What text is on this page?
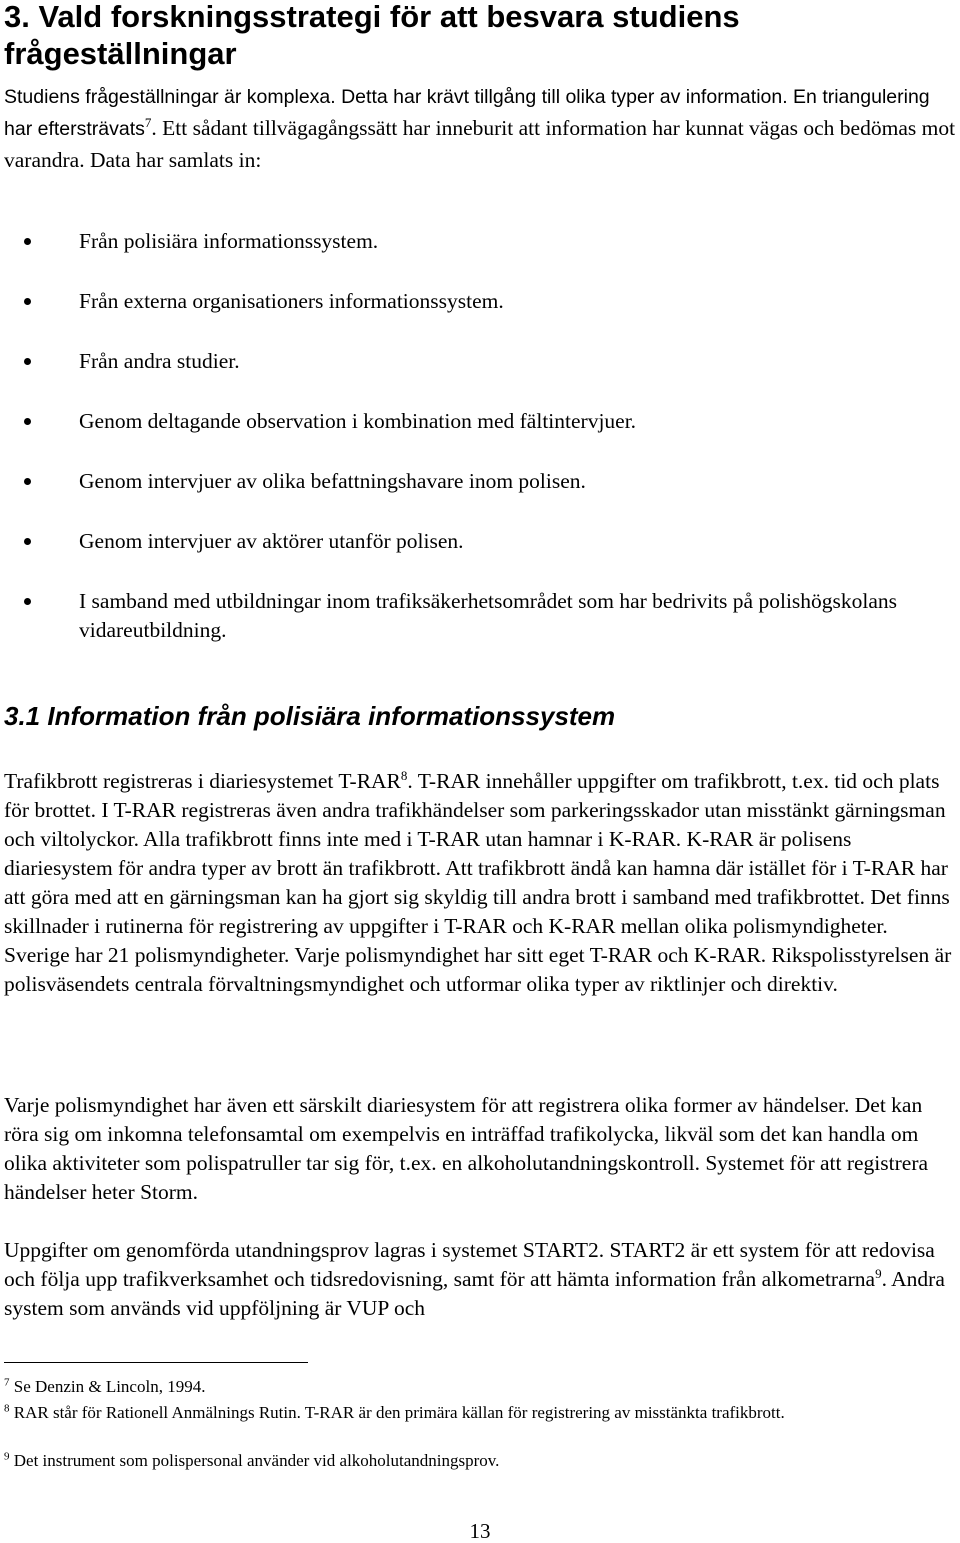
3. Vald forskningsstrategi för att besvara studiens frågeställningar
Studiens frågeställningar är komplexa. Detta har krävt tillgång till olika typer av information. En triangulering har eftersträvats$^7$. Ett sådant tillvägagångssätt har inneburit att information har kunnat vägas och bedömas mot varandra. Data har samlats in:
Från polisiära informationssystem.
Från externa organisationers informationssystem.
Från andra studier.
Genom deltagande observation i kombination med fältintervjuer.
Genom intervjuer av olika befattningshavare inom polisen.
Genom intervjuer av aktörer utanför polisen.
I samband med utbildningar inom trafiksäkerhetsområdet som har bedrivits på polishögskolans vidareutbildning.
3.1 Information från polisiära informationssystem

Trafikbrott registreras i diariesystemet T-RAR$^8$. T-RAR innehåller uppgifter om trafikbrott, t.ex. tid och plats för brottet. I T-RAR registreras även andra trafikhändelser som parkeringsskador utan misstänkt gärningsman och viltolyckor. Alla trafikbrott finns inte med i T-RAR utan hamnar i K-RAR. K-RAR är polisens diariesystem för andra typer av brott än trafikbrott. Att trafikbrott ändå kan hamna där istället för i T-RAR har att göra med att en gärningsman kan ha gjort sig skyldig till andra brott i samband med trafikbrottet. Det finns skillnader i rutinerna för registrering av uppgifter i T-RAR och K-RAR mellan olika polismyndigheter. Sverige har 21 polismyndigheter. Varje polismyndighet har sitt eget T-RAR och K-RAR. Rikspolisstyrelsen är polisväsendets centrala förvaltningsmyndighet och utformar olika typer av riktlinjer och direktiv.

Varje polismyndighet har även ett särskilt diariesystem för att registrera olika former av händelser. Det kan röra sig om inkomna telefonsamtal om exempelvis en inträffad trafikolycka, likväl som det kan handla om olika aktiviteter som polispatruller tar sig för, t.ex. en alkoholutandningskontroll. Systemet för att registrera händelser heter Storm.

Uppgifter om genomförda utandningsprov lagras i systemet START2. START2 är ett system för att redovisa och följa upp trafikverksamhet och tidsredovisning, samt för att hämta information från alkometrarna$^9$. Andra system som används vid uppföljning är VUP och

$^7$ Se Denzin & Lincoln, 1994.
$^8$ RAR står för Rationell Anmälnings Rutin. T-RAR är den primära källan för registrering av misstänkta trafikbrott.
$^9$ Det instrument som polispersonal använder vid alkoholutandningsprov.
13
